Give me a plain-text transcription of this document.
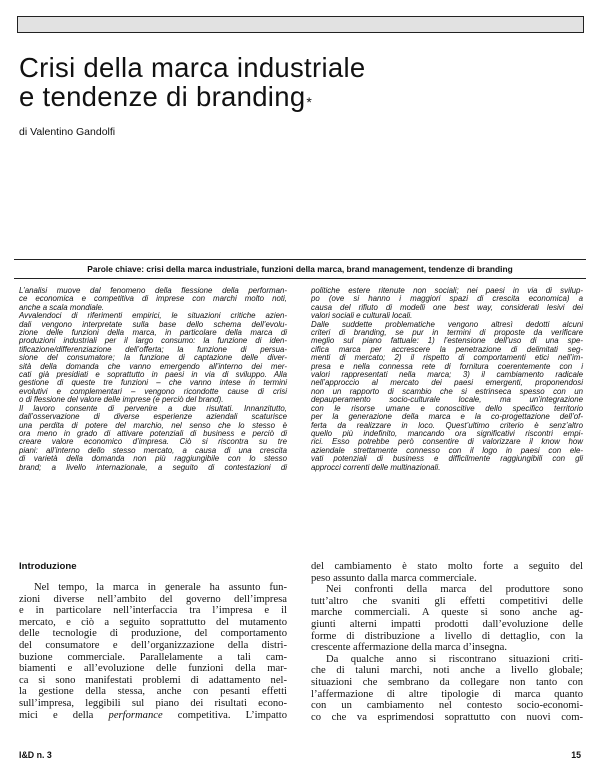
Crisi della marca industriale
e tendenze di branding*
di Valentino Gandolfi
Parole chiave: crisi della marca industriale, funzioni della marca, brand management, tendenze di branding
L’analisi muove dal fenomeno della flessione della performan-
ce economica e competitiva di imprese con marchi molto noti,
anche a scala mondiale.
Avvalendoci di riferimenti empirici, le situazioni critiche azien-
dali vengono interpretate sulla base dello schema dell’evolu-
zione delle funzioni della marca, in particolare della marca di
produzioni industriali per il largo consumo: la funzione di iden-
tificazione/differenziazione dell’offerta; la funzione di persua-
sione del consumatore; la funzione di captazione delle diver-
sità della domanda che vanno emergendo all’interno dei mer-
cati già presidiati e soprattutto in paesi in via di sviluppo. Alla
gestione di queste tre funzioni – che vanno intese in termini
evolutivi e complementari – vengono ricondotte cause di crisi
o di flessione del valore delle imprese (e perciò del brand).
Il lavoro consente di pervenire a due risultati. Innanzitutto,
dall’osservazione di diverse esperienze aziendali scaturisce
una perdita di potere del marchio, nel senso che lo stesso è
ora meno in grado di attivare potenziali di business e perciò di
creare valore economico d’impresa. Ciò si riscontra su tre
piani: all’interno dello stesso mercato, a causa di una crescita
di varietà della domanda non più raggiungibile con lo stesso
brand; a livello internazionale, a seguito di contestazioni di
politiche estere ritenute non sociali; nei paesi in via di svilup-
po (ove si hanno i maggiori spazi di crescita economica) a
causa del rifiuto di modelli one best way, considerati lesivi dei
valori sociali e culturali locali.
Dalle suddette problematiche vengono altresì dedotti alcuni
criteri di branding, se pur in termini di proposte da verificare
meglio sul piano fattuale: 1) l’estensione dell’uso di una spe-
cifica marca per accrescere la penetrazione di delimitati seg-
menti di mercato; 2) il rispetto di comportamenti etici nell’im-
presa e nella connessa rete di fornitura coerentemente con i
valori rappresentati nella marca; 3) il cambiamento radicale
nell’approccio al mercato dei paesi emergenti, proponendosi
non un rapporto di scambio che si estrinseca spesso con un
depauperamento socio-culturale locale, ma un’integrazione
con le risorse umane e conoscitive dello specifico territorio
per la generazione della marca e la co-progettazione dell’of-
ferta da realizzare in loco. Quest’ultimo criterio è senz’altro
quello più indefinito, mancando ora significativi riscontri empi-
rici. Esso potrebbe però consentire di valorizzare il know how
aziendale strettamente connesso con il logo in paesi con ele-
vati potenziali di business e difficilmente raggiungibili con gli
approcci correnti delle multinazionali.
Introduzione
Nel tempo, la marca in generale ha assunto fun-
zioni diverse nell’ambito del governo dell’impresa
e in particolare nell’interfaccia tra l’impresa e il
mercato, e ciò a seguito soprattutto del mutamento
delle tecnologie di produzione, del comportamento
del consumatore e dell’organizzazione della distri-
buzione commerciale. Parallelamente a tali cam-
biamenti e all’evoluzione delle funzioni della mar-
ca si sono manifestati problemi di adattamento nel-
la gestione della stessa, anche con pesanti effetti
sull’impresa, leggibili sul piano dei risultati econo-
mici e della performance competitiva. L’impatto
del cambiamento è stato molto forte a seguito del
peso assunto dalla marca commerciale.
Nei confronti della marca del produttore sono
tutt’altro che svaniti gli effetti competitivi delle
marche commerciali. A queste si sono anche ag-
giunti alterni impatti prodotti dall’evoluzione delle
forme di distribuzione a livello di dettaglio, con la
crescente affermazione della marca d’insegna.
Da qualche anno si riscontrano situazioni criti-
che di taluni marchi, noti anche a livello globale;
situazioni che sembrano da collegare non tanto con
l’affermazione di altre tipologie di marca quanto
con un cambiamento nel contesto socio-economi-
co che va esprimendosi soprattutto con nuovi com-
I&D n. 3	15
